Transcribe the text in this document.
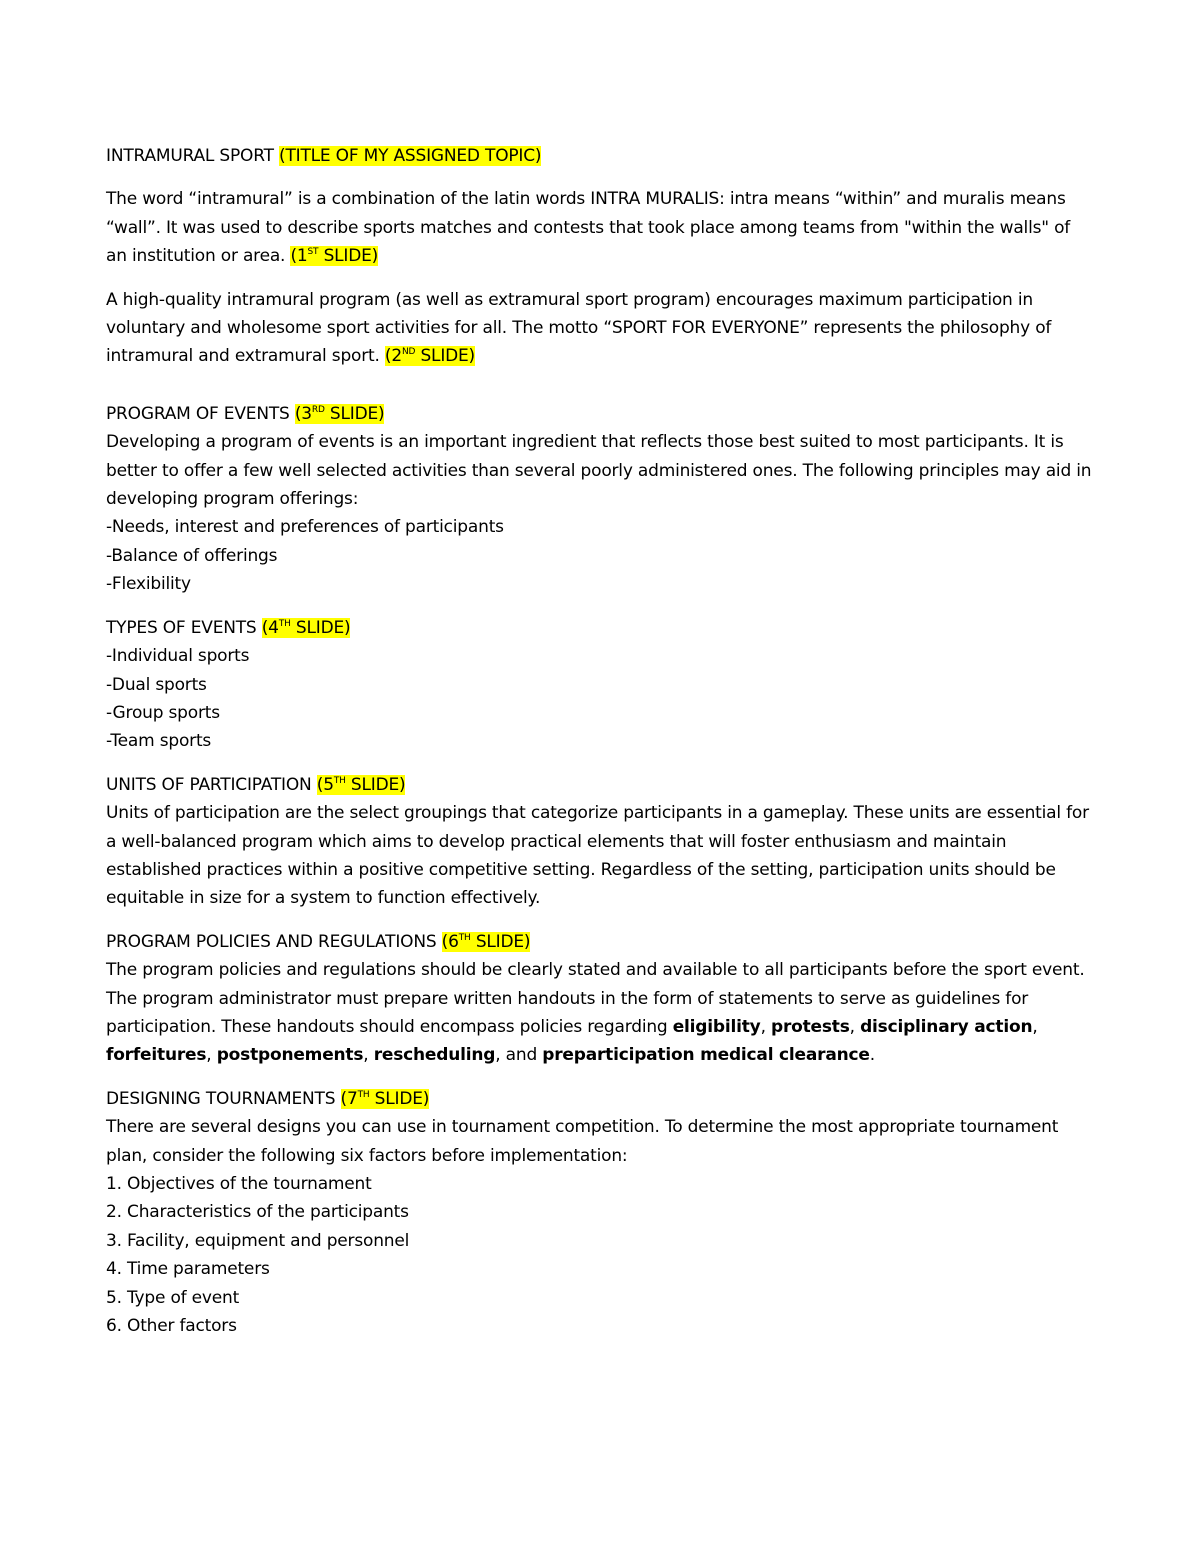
INTRAMURAL SPORT (TITLE OF MY ASSIGNED TOPIC)

The word “intramural” is a combination of the latin words INTRA MURALIS: intra means “within” and muralis means “wall”. It was used to describe sports matches and contests that took place among teams from "within the walls" of an institution or area. (1ST SLIDE)

A high-quality intramural program (as well as extramural sport program) encourages maximum participation in voluntary and wholesome sport activities for all. The motto “SPORT FOR EVERYONE” represents the philosophy of intramural and extramural sport. (2ND SLIDE)

PROGRAM OF EVENTS (3RD SLIDE)

Developing a program of events is an important ingredient that reflects those best suited to most participants. It is better to offer a few well selected activities than several poorly administered ones. The following principles may aid in developing program offerings:

-Needs, interest and preferences of participants

-Balance of offerings

-Flexibility

TYPES OF EVENTS (4TH SLIDE)

-Individual sports

-Dual sports

-Group sports

-Team sports

UNITS OF PARTICIPATION (5TH SLIDE)

Units of participation are the select groupings that categorize participants in a gameplay. These units are essential for a well-balanced program which aims to develop practical elements that will foster enthusiasm and maintain established practices within a positive competitive setting. Regardless of the setting, participation units should be equitable in size for a system to function effectively.

PROGRAM POLICIES AND REGULATIONS (6TH SLIDE)

The program policies and regulations should be clearly stated and available to all participants before the sport event. The program administrator must prepare written handouts in the form of statements to serve as guidelines for participation. These handouts should encompass policies regarding eligibility, protests, disciplinary action, forfeitures, postponements, rescheduling, and preparticipation medical clearance.

DESIGNING TOURNAMENTS (7TH SLIDE)

There are several designs you can use in tournament competition. To determine the most appropriate tournament plan, consider the following six factors before implementation:

1. Objectives of the tournament

2. Characteristics of the participants

3. Facility, equipment and personnel

4. Time parameters

5. Type of event

6. Other factors
